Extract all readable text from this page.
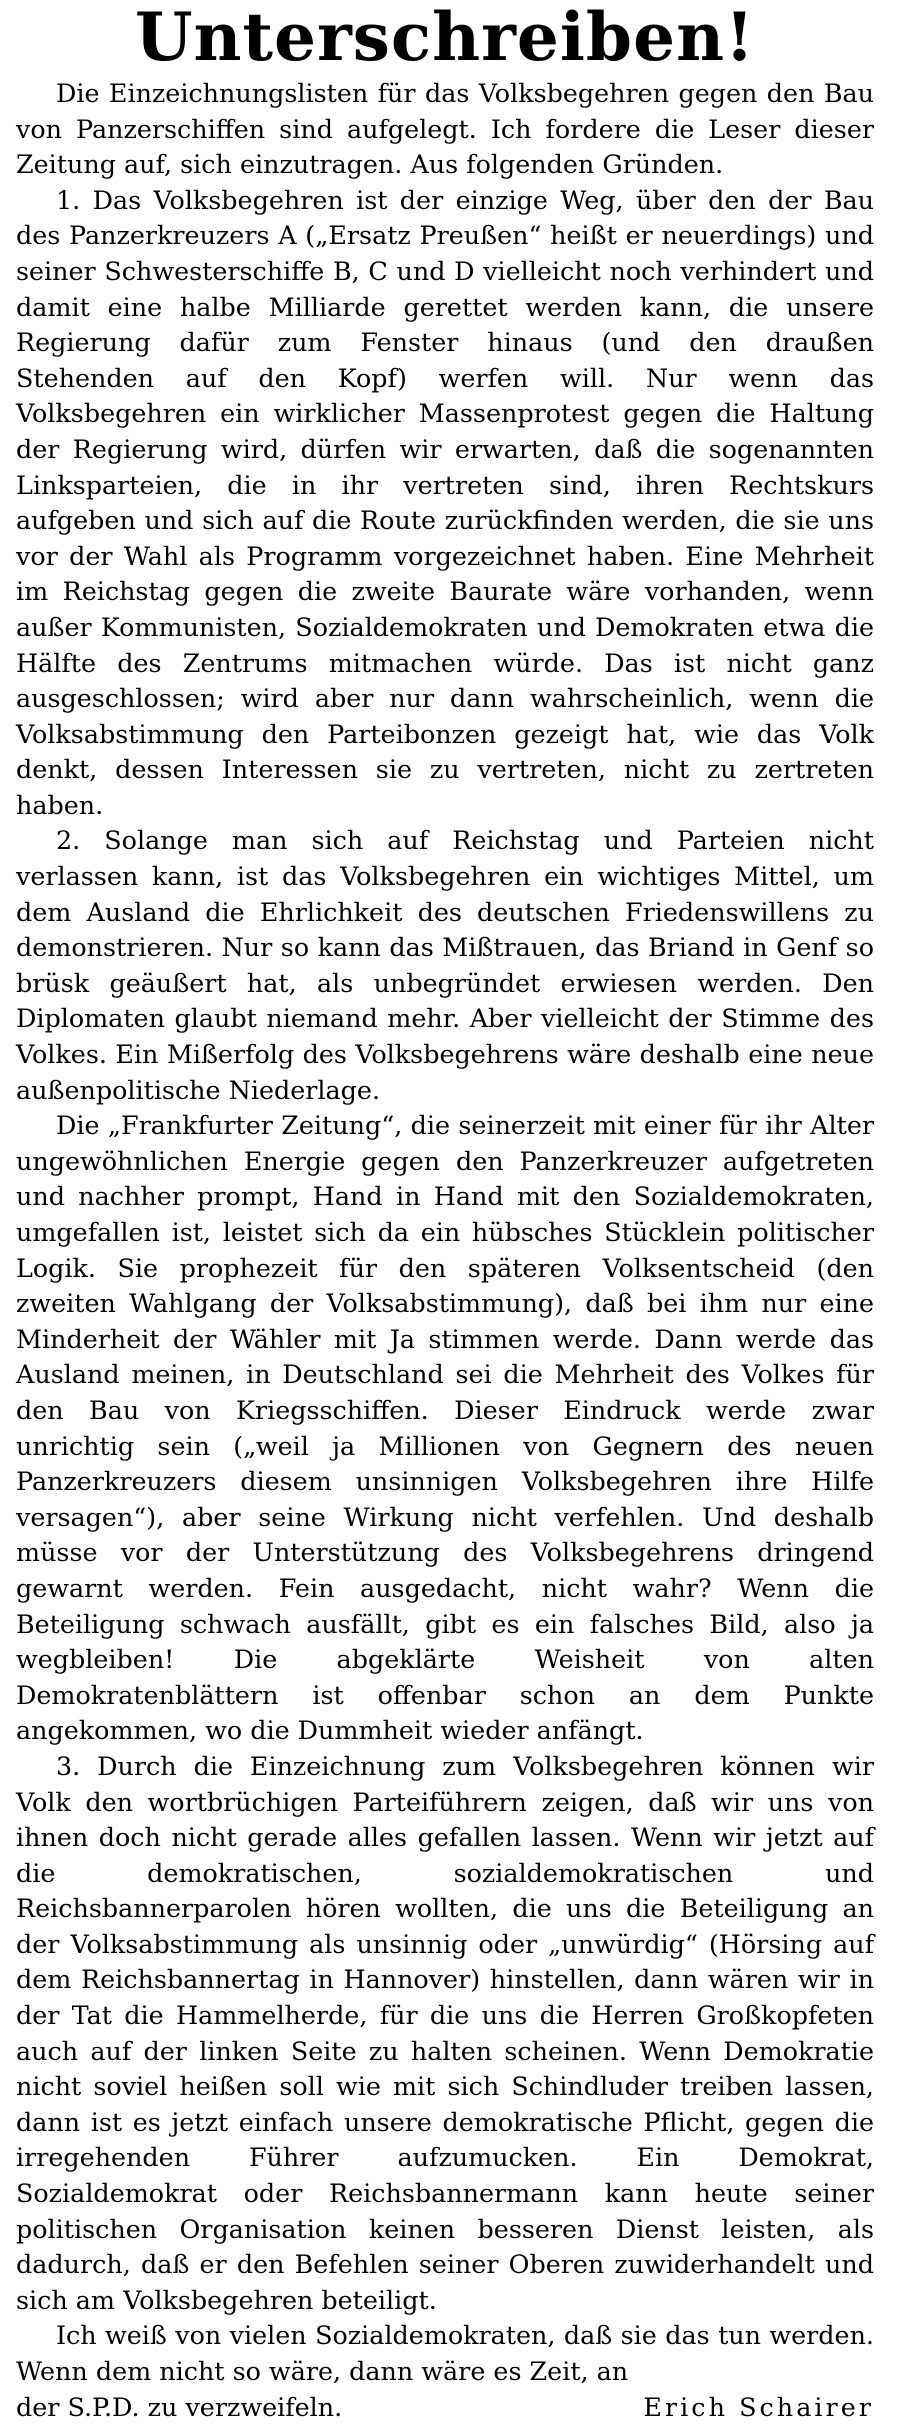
Unterschreiben!

Die Einzeichnungslisten für das Volksbegehren gegen den Bau von Panzerschiffen sind aufgelegt. Ich fordere die Leser dieser Zeitung auf, sich einzutragen. Aus folgenden Gründen.

1. Das Volksbegehren ist der einzige Weg, über den der Bau des Panzerkreuzers A („Ersatz Preußen“ heißt er neuerdings) und seiner Schwesterschiffe B, C und D vielleicht noch verhindert und damit eine halbe Milliarde gerettet werden kann, die unsere Regierung dafür zum Fenster hinaus (und den draußen Stehenden auf den Kopf) werfen will. Nur wenn das Volksbegehren ein wirklicher Massenprotest gegen die Haltung der Regierung wird, dürfen wir erwarten, daß die sogenannten Linksparteien, die in ihr vertreten sind, ihren Rechtskurs aufgeben und sich auf die Route zurückfinden werden, die sie uns vor der Wahl als Programm vorgezeichnet haben. Eine Mehrheit im Reichstag gegen die zweite Baurate wäre vorhanden, wenn außer Kommunisten, Sozialdemokraten und Demokraten etwa die Hälfte des Zentrums mitmachen würde. Das ist nicht ganz ausgeschlossen; wird aber nur dann wahrscheinlich, wenn die Volksabstimmung den Parteibonzen gezeigt hat, wie das Volk denkt, dessen Interessen sie zu vertreten, nicht zu zertreten haben.

2. Solange man sich auf Reichstag und Parteien nicht verlassen kann, ist das Volksbegehren ein wichtiges Mittel, um dem Ausland die Ehrlichkeit des deutschen Friedenswillens zu demonstrieren. Nur so kann das Mißtrauen, das Briand in Genf so brüsk geäußert hat, als unbegründet erwiesen werden. Den Diplomaten glaubt niemand mehr. Aber vielleicht der Stimme des Volkes. Ein Mißerfolg des Volksbegehrens wäre deshalb eine neue außenpolitische Niederlage.

Die „Frankfurter Zeitung“, die seinerzeit mit einer für ihr Alter ungewöhnlichen Energie gegen den Panzerkreuzer aufgetreten und nachher prompt, Hand in Hand mit den Sozialdemokraten, umgefallen ist, leistet sich da ein hübsches Stücklein politischer Logik. Sie prophezeit für den späteren Volksentscheid (den zweiten Wahlgang der Volksabstimmung), daß bei ihm nur eine Minderheit der Wähler mit Ja stimmen werde. Dann werde das Ausland meinen, in Deutschland sei die Mehrheit des Volkes für den Bau von Kriegsschiffen. Dieser Eindruck werde zwar unrichtig sein („weil ja Millionen von Gegnern des neuen Panzerkreuzers diesem unsinnigen Volksbegehren ihre Hilfe versagen“), aber seine Wirkung nicht verfehlen. Und deshalb müsse vor der Unterstützung des Volksbegehrens dringend gewarnt werden. Fein ausgedacht, nicht wahr? Wenn die Beteiligung schwach ausfällt, gibt es ein falsches Bild, also ja wegbleiben! Die abgeklärte Weisheit von alten Demokratenblättern ist offenbar schon an dem Punkte angekommen, wo die Dummheit wieder anfängt.

3. Durch die Einzeichnung zum Volksbegehren können wir Volk den wortbrüchigen Parteiführern zeigen, daß wir uns von ihnen doch nicht gerade alles gefallen lassen. Wenn wir jetzt auf die demokratischen, sozialdemokratischen und Reichsbannerparolen hören wollten, die uns die Beteiligung an der Volksabstimmung als unsinnig oder „unwürdig“ (Hörsing auf dem Reichsbannertag in Hannover) hinstellen, dann wären wir in der Tat die Hammelherde, für die uns die Herren Großkopfeten auch auf der linken Seite zu halten scheinen. Wenn Demokratie nicht soviel heißen soll wie mit sich Schindluder treiben lassen, dann ist es jetzt einfach unsere demokratische Pflicht, gegen die irregehenden Führer aufzumucken. Ein Demokrat, Sozialdemokrat oder Reichsbannermann kann heute seiner politischen Organisation keinen besseren Dienst leisten, als dadurch, daß er den Befehlen seiner Oberen zuwiderhandelt und sich am Volksbegehren beteiligt.

Ich weiß von vielen Sozialdemokraten, daß sie das tun werden. Wenn dem nicht so wäre, dann wäre es Zeit, an

der S.P.D. zu verzweifeln.	Erich Schairer
